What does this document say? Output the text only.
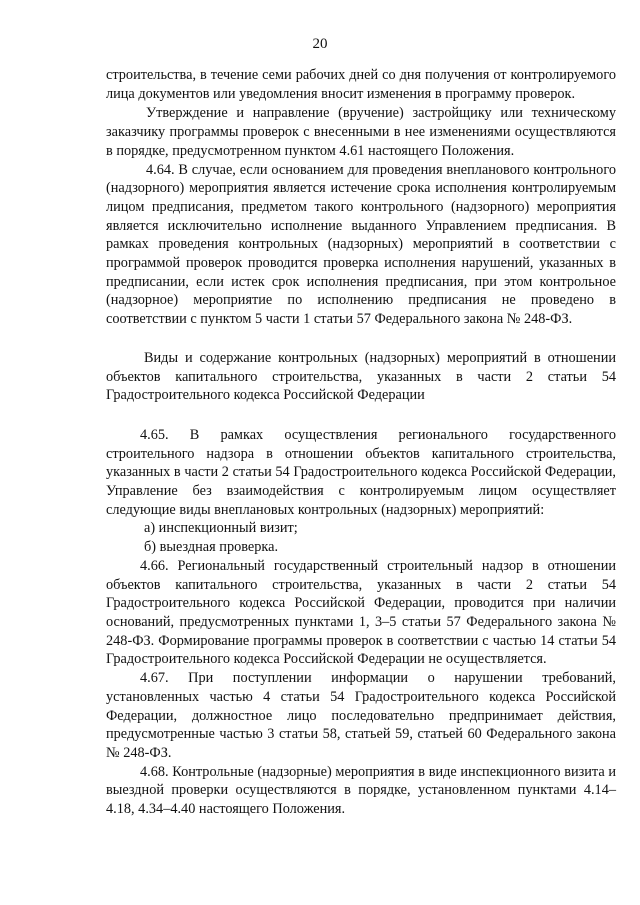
20

строительства, в течение семи рабочих дней со дня получения от контролируемого лица документов или уведомления вносит изменения в программу проверок.

Утверждение и направление (вручение) застройщику или техническому заказчику программы проверок с внесенными в нее изменениями осуществляются в порядке, предусмотренном пунктом 4.61 настоящего Положения.

4.64. В случае, если основанием для проведения внепланового контрольного (надзорного) мероприятия является истечение срока исполнения контролируемым лицом предписания, предметом такого контрольного (надзорного) мероприятия является исключительно исполнение выданного Управлением предписания. В рамках проведения контрольных (надзорных) мероприятий в соответствии с программой проверок проводится проверка исполнения нарушений, указанных в предписании, если истек срок исполнения предписания, при этом контрольное (надзорное) мероприятие по исполнению предписания не проведено в соответствии с пунктом 5 части 1 статьи 57 Федерального закона № 248-ФЗ.

Виды и содержание контрольных (надзорных) мероприятий в отношении объектов капитального строительства, указанных в части 2 статьи 54 Градостроительного кодекса Российской Федерации

4.65. В рамках осуществления регионального государственного строительного надзора в отношении объектов капитального строительства, указанных в части 2 статьи 54 Градостроительного кодекса Российской Федерации, Управление без взаимодействия с контролируемым лицом осуществляет следующие виды внеплановых контрольных (надзорных) мероприятий:

а) инспекционный визит;

б) выездная проверка.

4.66. Региональный государственный строительный надзор в отношении объектов капитального строительства, указанных в части 2 статьи 54 Градостроительного кодекса Российской Федерации, проводится при наличии оснований, предусмотренных пунктами 1, 3–5 статьи 57 Федерального закона № 248-ФЗ. Формирование программы проверок в соответствии с частью 14 статьи 54 Градостроительного кодекса Российской Федерации не осуществляется.

4.67. При поступлении информации о нарушении требований, установленных частью 4 статьи 54 Градостроительного кодекса Российской Федерации, должностное лицо последовательно предпринимает действия, предусмотренные частью 3 статьи 58, статьей 59, статьей 60 Федерального закона № 248-ФЗ.

4.68. Контрольные (надзорные) мероприятия в виде инспекционного визита и выездной проверки осуществляются в порядке, установленном пунктами 4.14– 4.18, 4.34–4.40 настоящего Положения.
